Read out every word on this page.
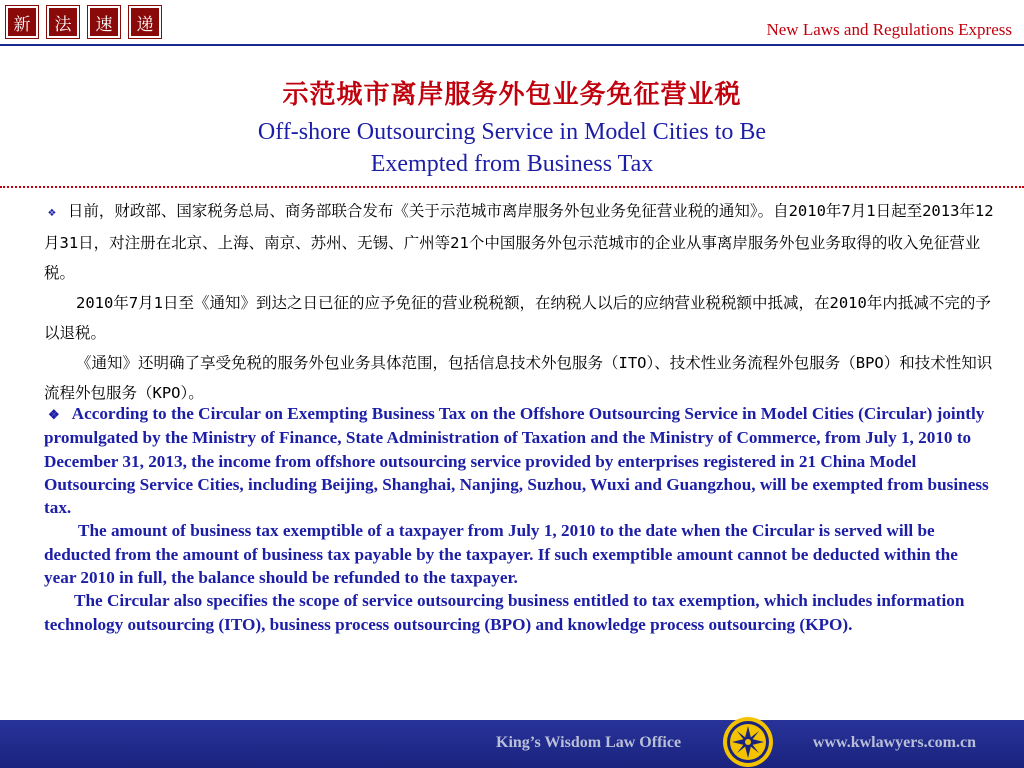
新	法	速	递	New Laws and Regulations Express
示范城市离岸服务外包业务免征营业税
Off-shore Outsourcing Service in Model Cities to Be
Exempted from Business Tax

❖ 日前，财政部、国家税务总局、商务部联合发布《关于示范城市离岸服务外包业务免征营业税的通知》。自2010年7月1日起至2013年12月31日，对注册在北京、上海、南京、苏州、无锡、广州等21个中国服务外包示范城市的企业从事离岸服务外包业务取得的收入免征营业税。

2010年7月1日至《通知》到达之日已征的应予免征的营业税税额，在纳税人以后的应纳营业税税额中抵减，在2010年内抵减不完的予以退税。

《通知》还明确了享受免税的服务外包业务具体范围，包括信息技术外包服务（ITO）、技术性业务流程外包服务（BPO）和技术性知识流程外包服务（KPO）。

❖ According to the Circular on Exempting Business Tax on the Offshore Outsourcing Service in Model Cities (Circular) jointly promulgated by the Ministry of Finance, State Administration of Taxation and the Ministry of Commerce, from July 1, 2010 to December 31, 2013, the income from offshore outsourcing service provided by enterprises registered in 21 China Model Outsourcing Service Cities, including Beijing, Shanghai, Nanjing, Suzhou, Wuxi and Guangzhou, will be exempted from business tax.

The amount of business tax exemptible of a taxpayer from July 1, 2010 to the date when the Circular is served will be deducted from the amount of business tax payable by the taxpayer. If such exemptible amount cannot be deducted within the year 2010 in full, the balance should be refunded to the taxpayer.

The Circular also specifies the scope of service outsourcing business entitled to tax exemption, which includes information technology outsourcing (ITO), business process outsourcing (BPO) and knowledge process outsourcing (KPO).

King’s Wisdom Law Office	www.kwlawyers.com.cn
